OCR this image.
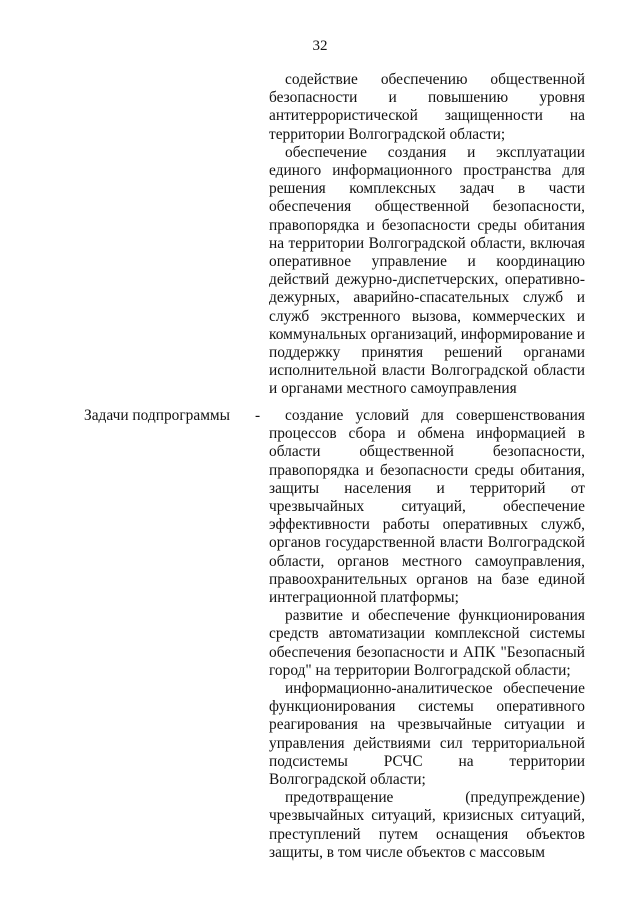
32

содействие обеспечению общественной безопасности и повышению уровня антитеррористической защищенности на территории Волгоградской области;

обеспечение создания и эксплуатации единого информационного пространства для решения комплексных задач в части обеспечения общественной безопасности, правопорядка и безопасности среды обитания на территории Волгоградской области, включая оперативное управление и координацию действий дежурно-диспетчерских, оперативно-дежурных, аварийно-спасательных служб и служб экстренного вызова, коммерческих и коммунальных организаций, информирование и поддержку принятия решений органами исполнительной власти Волгоградской области и органами местного самоуправления

Задачи подпрограммы -	создание условий для совершенствования процессов сбора и обмена информацией в области общественной безопасности, правопорядка и безопасности среды обитания, защиты населения и территорий от чрезвычайных ситуаций, обеспечение эффективности работы оперативных служб, органов государственной власти Волгоградской области, органов местного самоуправления, правоохранительных органов на базе единой интеграционной платформы;

развитие и обеспечение функционирования средств автоматизации комплексной системы обеспечения безопасности и АПК "Безопасный город" на территории Волгоградской области;

информационно-аналитическое обеспечение функционирования системы оперативного реагирования на чрезвычайные ситуации и управления действиями сил территориальной подсистемы РСЧС на территории Волгоградской области;

предотвращение (предупреждение) чрезвычайных ситуаций, кризисных ситуаций, преступлений путем оснащения объектов защиты, в том числе объектов с массовым
